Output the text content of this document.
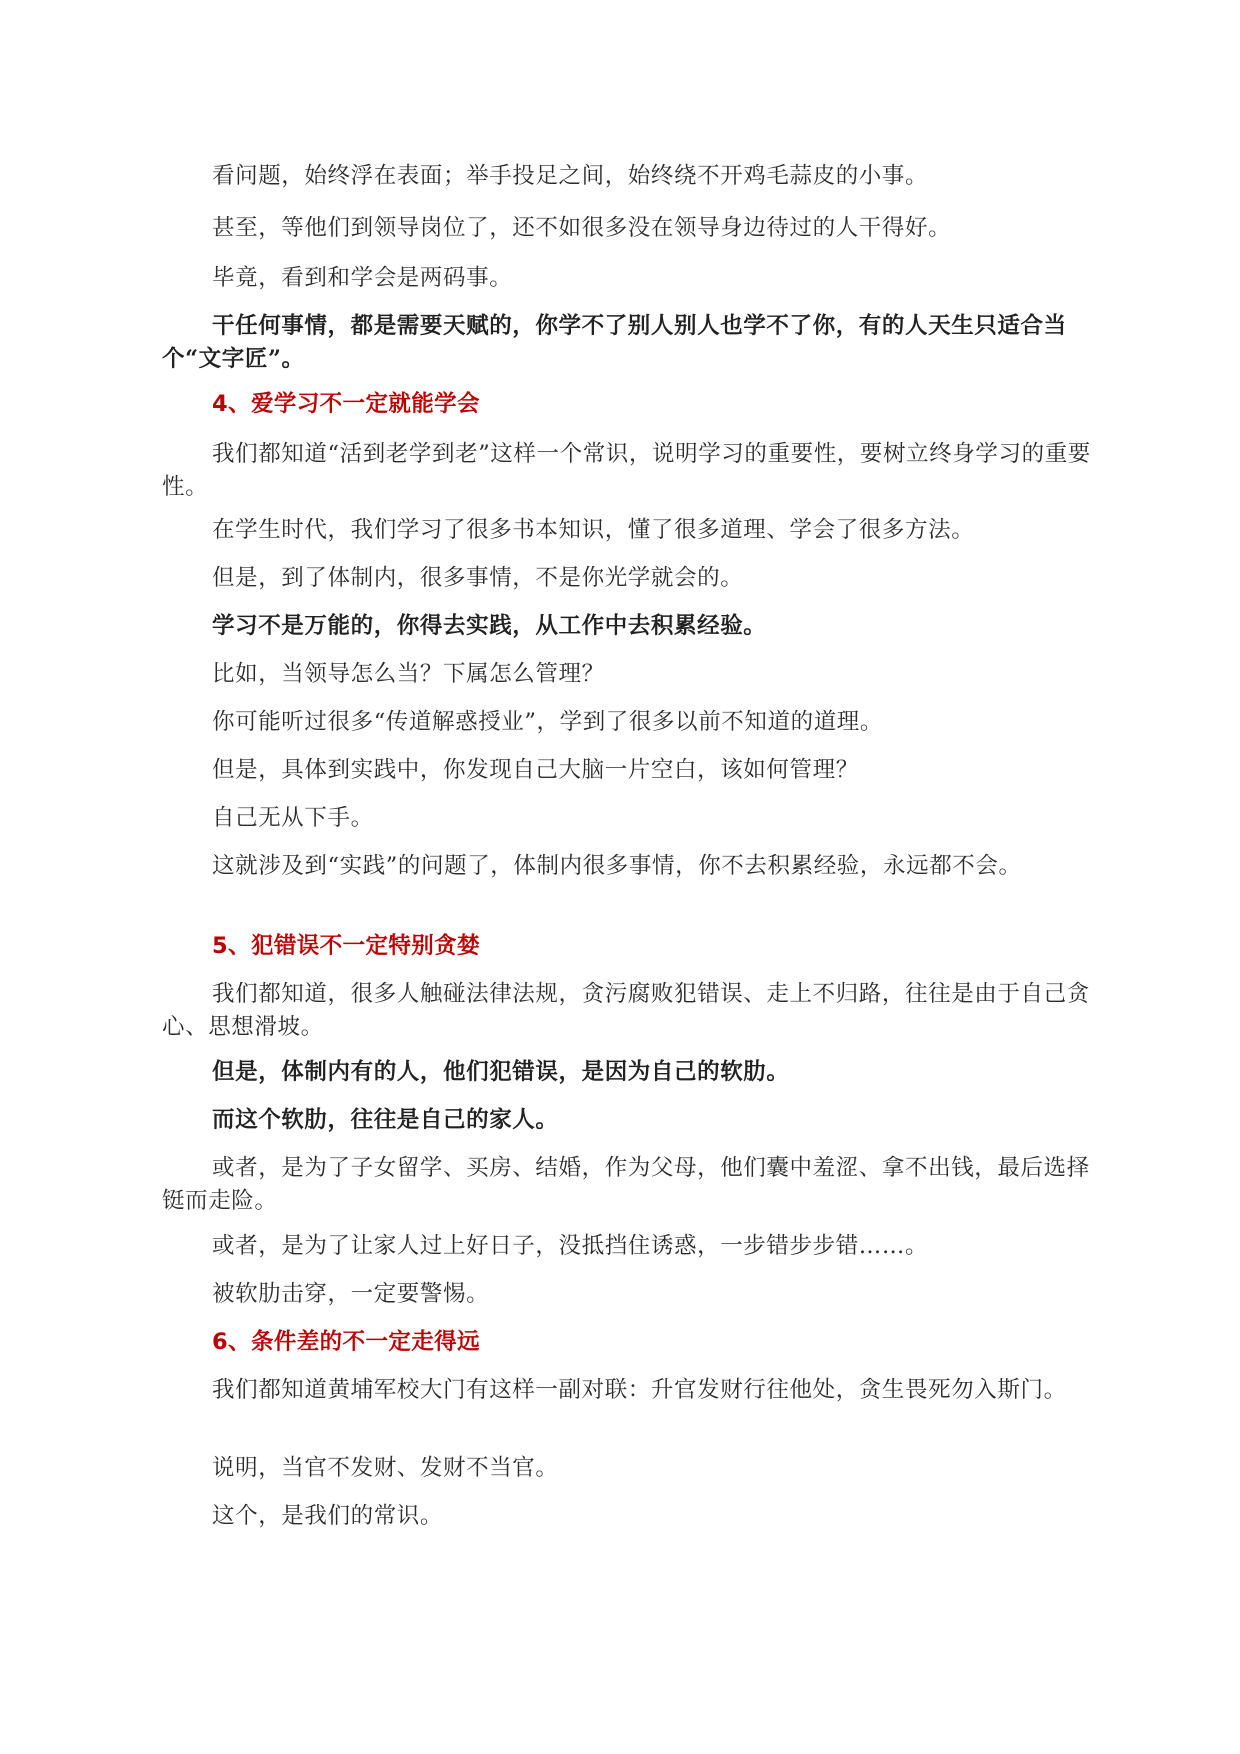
看问题，始终浮在表面；举手投足之间，始终绕不开鸡毛蒜皮的小事。
甚至，等他们到领导岗位了，还不如很多没在领导身边待过的人干得好。
毕竟，看到和学会是两码事。
干任何事情，都是需要天赋的，你学不了别人别人也学不了你，有的人天生只适合当个“文字匠”。
4、爱学习不一定就能学会
我们都知道“活到老学到老”这样一个常识，说明学习的重要性，要树立终身学习的重要性。
在学生时代，我们学习了很多书本知识，懂了很多道理、学会了很多方法。
但是，到了体制内，很多事情，不是你光学就会的。
学习不是万能的，你得去实践，从工作中去积累经验。
比如，当领导怎么当？下属怎么管理？
你可能听过很多“传道解惑授业”，学到了很多以前不知道的道理。
但是，具体到实践中，你发现自己大脑一片空白，该如何管理？
自己无从下手。
这就涉及到“实践”的问题了，体制内很多事情，你不去积累经验，永远都不会。
5、犯错误不一定特别贪婪
我们都知道，很多人触碰法律法规，贪污腐败犯错误、走上不归路，往往是由于自己贪心、思想滑坡。
但是，体制内有的人，他们犯错误，是因为自己的软肋。
而这个软肋，往往是自己的家人。
或者，是为了子女留学、买房、结婚，作为父母，他们囊中羞涩、拿不出钱，最后选择铤而走险。
或者，是为了让家人过上好日子，没抵挡住诱惑，一步错步步错……。
被软肋击穿，一定要警惕。
6、条件差的不一定走得远
我们都知道黄埔军校大门有这样一副对联：升官发财行往他处，贪生畏死勿入斯门。
说明，当官不发财、发财不当官。
这个，是我们的常识。
